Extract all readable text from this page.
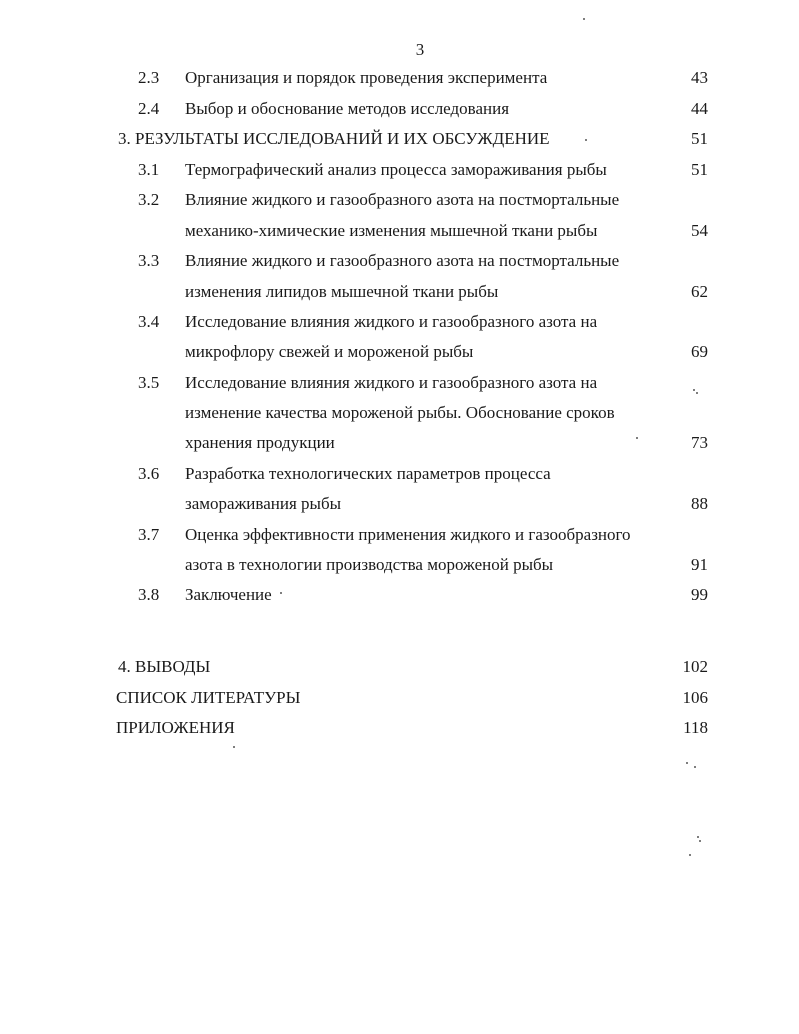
3
2.3 Организация и порядок проведения эксперимента	43
2.4 Выбор и обоснование методов исследования	44
3. РЕЗУЛЬТАТЫ ИССЛЕДОВАНИЙ И ИХ ОБСУЖДЕНИЕ	51
3.1 Термографический анализ процесса замораживания рыбы	51
3.2 Влияние жидкого и газообразного азота на постмортальные
механико-химические изменения мышечной ткани рыбы	54
3.3 Влияние жидкого и газообразного азота на постмортальные
изменения липидов мышечной ткани рыбы	62
3.4 Исследование влияния жидкого и газообразного азота на
микрофлору свежей и мороженой рыбы	69
3.5 Исследование влияния жидкого и газообразного азота на
изменение качества мороженой рыбы. Обоснование сроков
хранения продукции	73
3.6 Разработка технологических параметров процесса
замораживания рыбы	88
3.7 Оценка эффективности применения жидкого и газообразного
азота в технологии производства мороженой рыбы	91
3.8 Заключение	99
4. ВЫВОДЫ	102
СПИСОК ЛИТЕРАТУРЫ	106
ПРИЛОЖЕНИЯ	118
